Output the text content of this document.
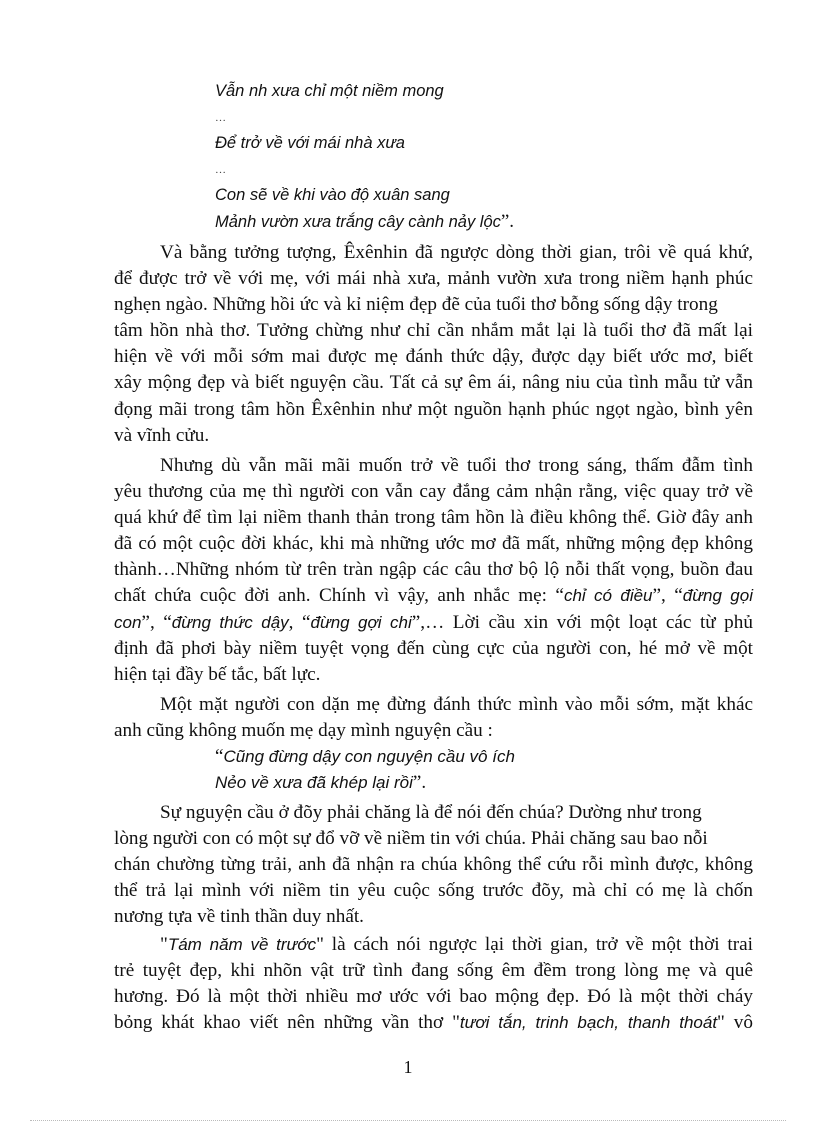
Vẫn nh xưa chỉ một niềm mong
…
Để trở về với mái nhà xưa
…
Con sẽ về khi vào độ xuân sang
Mảnh vườn xưa trắng cây cành nảy lộc”.
Và bằng tưởng tượng, Êxênhin đã ngược dòng thời gian, trôi về quá khứ,
để được trở về với mẹ, với mái nhà xưa, mảnh vườn xưa trong niềm hạnh phúc
nghẹn ngào. Những hồi ức và kỉ niệm đẹp đẽ của tuổi thơ bỗng sống dậy trong
tâm hồn nhà thơ. Tưởng chừng như chỉ cần nhắm mắt lại là tuổi thơ đã mất lại
hiện về với mỗi sớm mai được mẹ đánh thức dậy, được dạy biết ước mơ, biết
xây mộng đẹp và biết nguyện cầu. Tất cả sự êm ái, nâng niu của tình mẫu tử vẫn
đọng mãi trong tâm hồn Êxênhin như một nguồn hạnh phúc ngọt ngào, bình yên
và vĩnh cửu.
Nhưng dù vẫn mãi mãi muốn trở về tuổi thơ trong sáng, thấm đẫm tình
yêu thương của mẹ thì người con vẫn cay đắng cảm nhận rằng, việc quay trở về
quá khứ để tìm lại niềm thanh thản trong tâm hồn là điều không thể. Giờ đây anh
đã có một cuộc đời khác, khi mà những ước mơ đã mất, những mộng đẹp không
thành…Những nhóm từ trên tràn ngập các câu thơ bộ lộ nỗi thất vọng, buồn đau
chất chứa cuộc đời anh. Chính vì vậy, anh nhắc mẹ: “chỉ có điều”, “đừng gọi
con”, “đừng thức dậy, “đừng gợi chi”,… Lời cầu xin với một loạt các từ phủ
định đã phơi bày niềm tuyệt vọng đến cùng cực của người con, hé mở về một
hiện tại đầy bế tắc, bất lực.
Một mặt người con dặn mẹ đừng đánh thức mình vào mỗi sớm, mặt khác
anh cũng không muốn mẹ dạy mình nguyện cầu :
“Cũng đừng dậy con nguyện cầu vô ích
Nẻo về xưa đã khép lại rồi”.
Sự nguyện cầu ở đõy phải chăng là để nói đến chúa? Dường như trong
lòng người con có một sự đổ vỡ về niềm tin với chúa. Phải chăng sau bao nỗi
chán chường từng trải, anh đã nhận ra chúa không thể cứu rỗi mình được, không
thể trả lại mình với niềm tin yêu cuộc sống trước đõy, mà chỉ có mẹ là chốn
nương tựa về tinh thần duy nhất.
"Tám năm về trước" là cách nói ngược lại thời gian, trở về một thời trai
trẻ tuyệt đẹp, khi nhõn vật trữ tình đang sống êm đềm trong lòng mẹ và quê
hương. Đó là một thời nhiều mơ ước với bao mộng đẹp. Đó là một thời cháy
bỏng khát khao viết nên những vần thơ "tươi tắn, trinh bạch, thanh thoát" vô
1
